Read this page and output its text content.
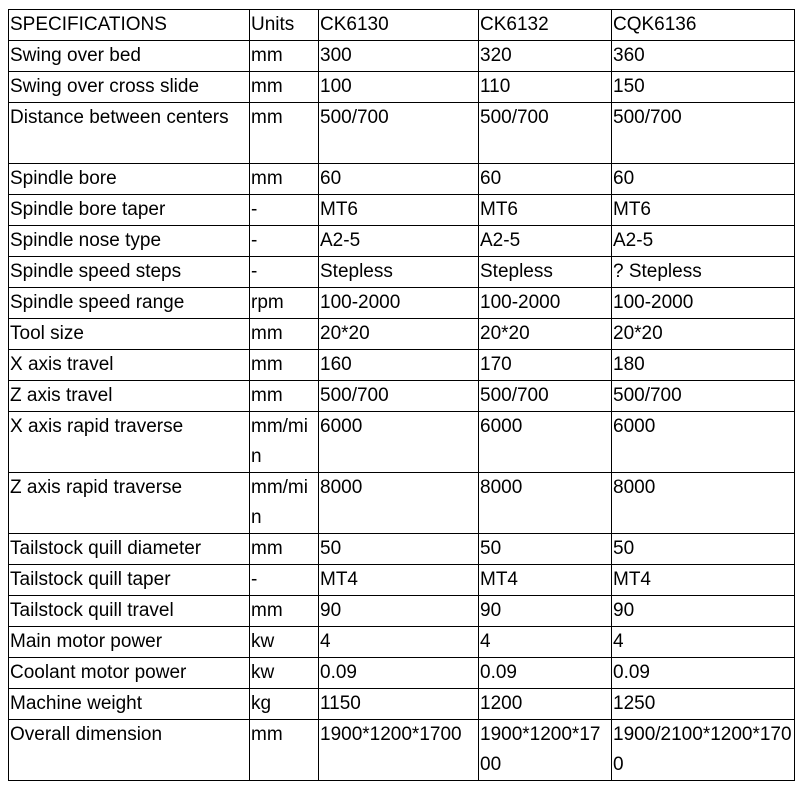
SPECIFICATIONS	Units	CK6130	CK6132	CQK6136
Swing over bed	mm	300	320	360
Swing over cross slide	mm	100	110	150
Distance between centers	mm	500/700	500/700	500/700
Spindle bore	mm	60	60	60
Spindle bore taper	-	MT6	MT6	MT6
Spindle nose type	-	A2-5	A2-5	A2-5
Spindle speed steps	-	Stepless	Stepless	? Stepless
Spindle speed range	rpm	100-2000	100-2000	100-2000
Tool size	mm	20*20	20*20	20*20
X axis travel	mm	160	170	180
Z axis travel	mm	500/700	500/700	500/700
X axis rapid traverse	mm/min	6000	6000	6000
Z axis rapid traverse	mm/min	8000	8000	8000
Tailstock quill diameter	mm	50	50	50
Tailstock quill taper	-	MT4	MT4	MT4
Tailstock quill travel	mm	90	90	90
Main motor power	kw	4	4	4
Coolant motor power	kw	0.09	0.09	0.09
Machine weight	kg	1150	1200	1250
Overall dimension	mm	1900*1200*1700	1900*1200*1700	1900/2100*1200*1700
